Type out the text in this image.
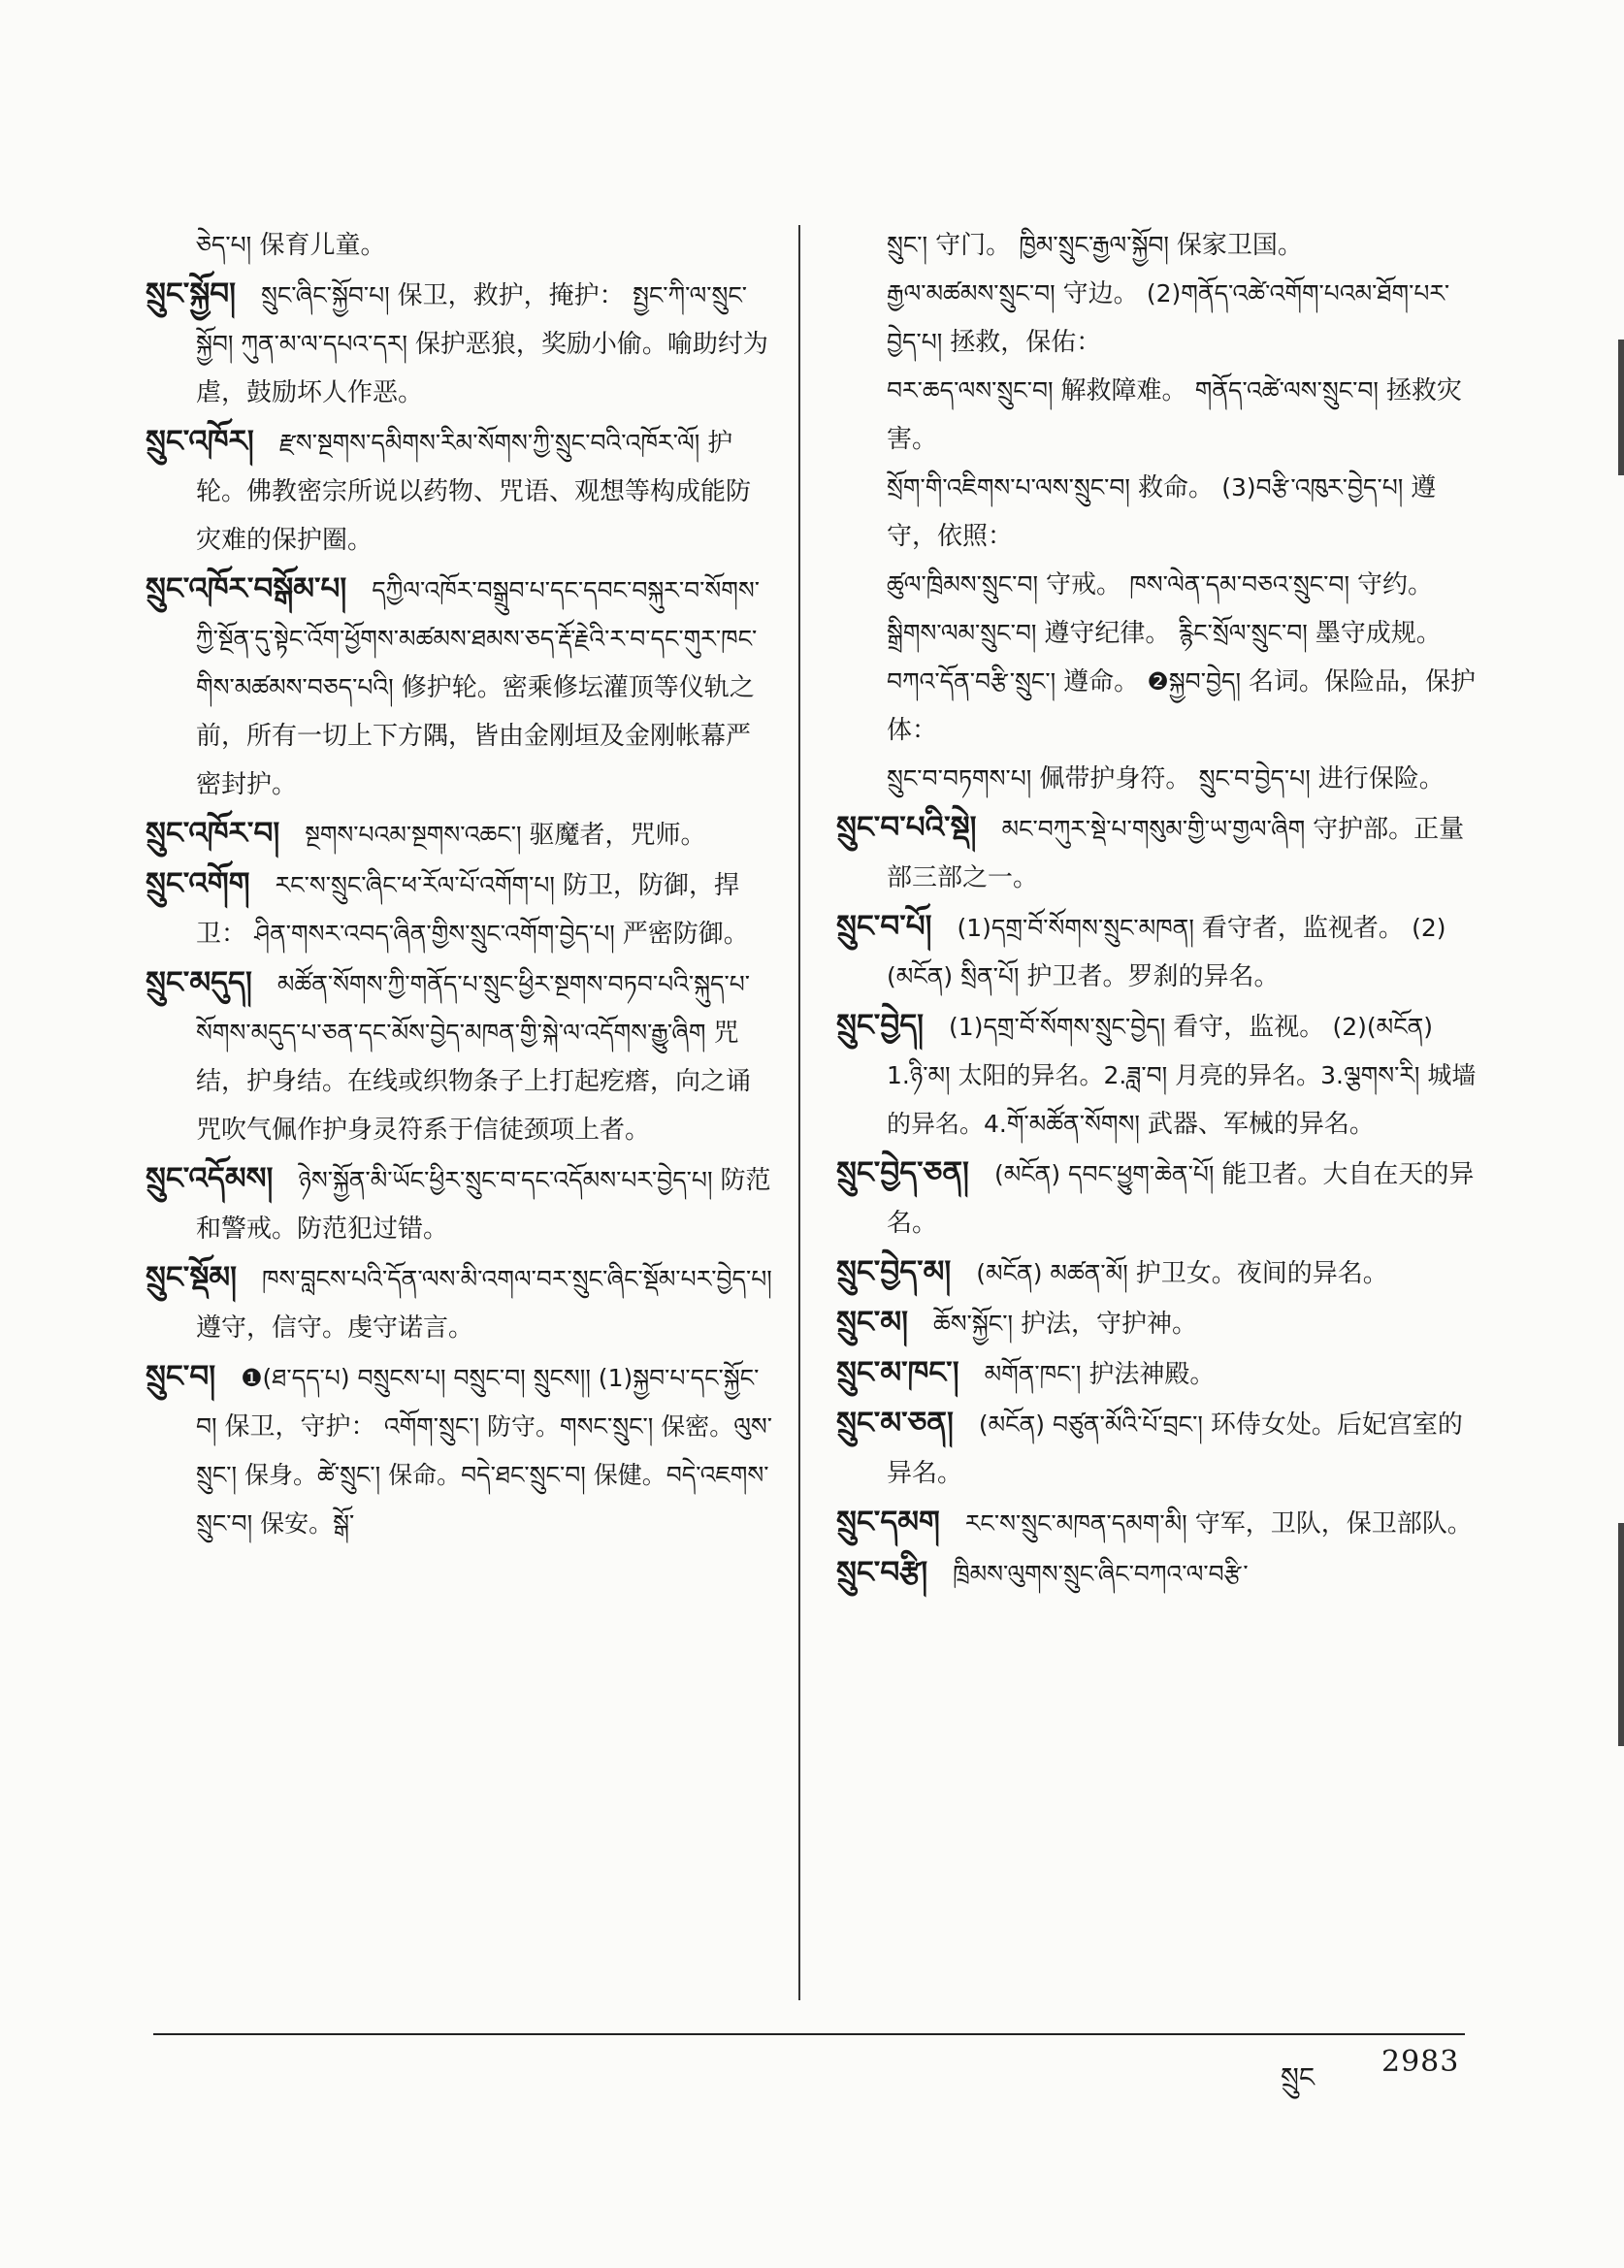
ཅེད་པ། 保育儿童。

སྲུང་སྐྱོབ། སྲུང་ཞིང་སྐྱོབ་པ། 保卫，救护，掩护： སྤྱང་ཀི་ལ་སྲུང་སྐྱོབ། ཀུན་མ་ལ་དཔའ་དར། 保护恶狼，奖励小偷。喻助纣为虐，鼓励坏人作恶。

སྲུང་འཁོར། རྫས་སྔགས་དམིགས་རིམ་སོགས་ཀྱི་སྲུང་བའི་འཁོར་ལོ། 护轮。佛教密宗所说以药物、咒语、观想等构成能防灾难的保护圈。

སྲུང་འཁོར་བསྒོམ་པ། དཀྱིལ་འཁོར་བསྒྲུབ་པ་དང་དབང་བསྐུར་བ་སོགས་ཀྱི་སྔོན་དུ་སྟེང་འོག་ཕྱོགས་མཚམས་ཐམས་ཅད་རྡོ་རྗེའི་ར་བ་དང་གུར་ཁང་གིས་མཚམས་བཅད་པའི། 修护轮。密乘修坛灌顶等仪轨之前，所有一切上下方隅，皆由金刚垣及金刚帐幕严密封护。

སྲུང་འཁོར་བ། སྔགས་པའམ་སྔགས་འཆང་། 驱魔者，咒师。

སྲུང་འགོག རང་ས་སྲུང་ཞིང་ཕ་རོལ་པོ་འགོག་པ། 防卫，防御，捍卫： ཤིན་གསར་འབད་ཞིན་གྱིས་སྲུང་འགོག་བྱེད་པ། 严密防御。

སྲུང་མདུད། མཚོན་སོགས་ཀྱི་གནོད་པ་སྲུང་ཕྱིར་སྔགས་བཏབ་པའི་སྐུད་པ་སོགས་མདུད་པ་ཅན་དང་མོས་བྱེད་མཁན་གྱི་སྐེ་ལ་འདོགས་རྒྱུ་ཞིག 咒结，护身结。在线或织物条子上打起疙瘩，向之诵咒吹气佩作护身灵符系于信徒颈项上者。

སྲུང་འདོམས། ཉེས་སྐྱོན་མི་ཡོང་ཕྱིར་སྲུང་བ་དང་འདོམས་པར་བྱེད་པ། 防范和警戒。防范犯过错。

སྲུང་སྡོམ། ཁས་བླངས་པའི་དོན་ལས་མི་འགལ་བར་སྲུང་ཞིང་སྡོམ་པར་བྱེད་པ། 遵守，信守。虔守诺言。

སྲུང་བ། ❶(ཐ་དད་པ) བསྲུངས་པ། བསྲུང་བ། སྲུངས།། (1)སྐྱབ་པ་དང་སྐྱོང་བ། 保卫，守护： འགོག་སྲུང་། 防守。གསང་སྲུང་། 保密。ལུས་སྲུང་། 保身。ཚེ་སྲུང་། 保命。བདེ་ཐང་སྲུང་བ། 保健。བདེ་འཇགས་སྲུང་བ། 保安。སྒོ་

སྲུང་། 守门。 ཁྱིམ་སྲུང་རྒྱལ་སྐྱོབ། 保家卫国。

རྒྱལ་མཚམས་སྲུང་བ། 守边。 (2)གནོད་འཚེ་འགོག་པའམ་ཐོག་པར་བྱེད་པ། 拯救，保佑：

བར་ཆད་ལས་སྲུང་བ། 解救障难。 གནོད་འཚེ་ལས་སྲུང་བ། 拯救灾害。

སྲོག་གི་འཇིགས་པ་ལས་སྲུང་བ། 救命。 (3)བརྩི་འཁུར་བྱེད་པ། 遵守，依照：

ཚུལ་ཁྲིམས་སྲུང་བ། 守戒。 ཁས་ལེན་དམ་བཅའ་སྲུང་བ། 守约。

སྒྲིགས་ལམ་སྲུང་བ། 遵守纪律。 རྙིང་སྲོལ་སྲུང་བ། 墨守成规。

བཀའ་དོན་བརྩི་སྲུང་། 遵命。 ❷སྐྱབ་བྱེད། 名词。保险品，保护体：

སྲུང་བ་བཏགས་པ། 佩带护身符。 སྲུང་བ་བྱེད་པ། 进行保险。

སྲུང་བ་པའི་སྡེ། མང་བཀུར་སྡེ་པ་གསུམ་གྱི་ཡ་གྱལ་ཞིག 守护部。正量部三部之一。

སྲུང་བ་པོ། (1)དགྲ་བོ་སོགས་སྲུང་མཁན། 看守者，监视者。 (2)(མངོན) སྲིན་པོ། 护卫者。罗刹的异名。

སྲུང་བྱེད། (1)དགྲ་བོ་སོགས་སྲུང་བྱེད། 看守，监视。 (2)(མངོན) 1.ཉི་མ། 太阳的异名。2.ཟླ་བ། 月亮的异名。3.ལྕགས་རི། 城墙的异名。4.གོ་མཚོན་སོགས། 武器、军械的异名。

སྲུང་བྱེད་ཅན། (མངོན) དབང་ཕྱུག་ཆེན་པོ། 能卫者。大自在天的异名。

སྲུང་བྱེད་མ། (མངོན) མཚན་མོ། 护卫女。夜间的异名。

སྲུང་མ། ཆོས་སྐྱོང་། 护法，守护神。

སྲུང་མ་ཁང་། མགོན་ཁང་། 护法神殿。

སྲུང་མ་ཅན། (མངོན) བཙུན་མོའི་པོ་བྲང་། 环侍女处。后妃宫室的异名。

སྲུང་དམག རང་ས་སྲུང་མཁན་དམག་མི། 守军，卫队，保卫部队。

སྲུང་བརྩི། ཁྲིམས་ལུགས་སྲུང་ཞིང་བཀའ་ལ་བརྩི་

སྲུང 2983
